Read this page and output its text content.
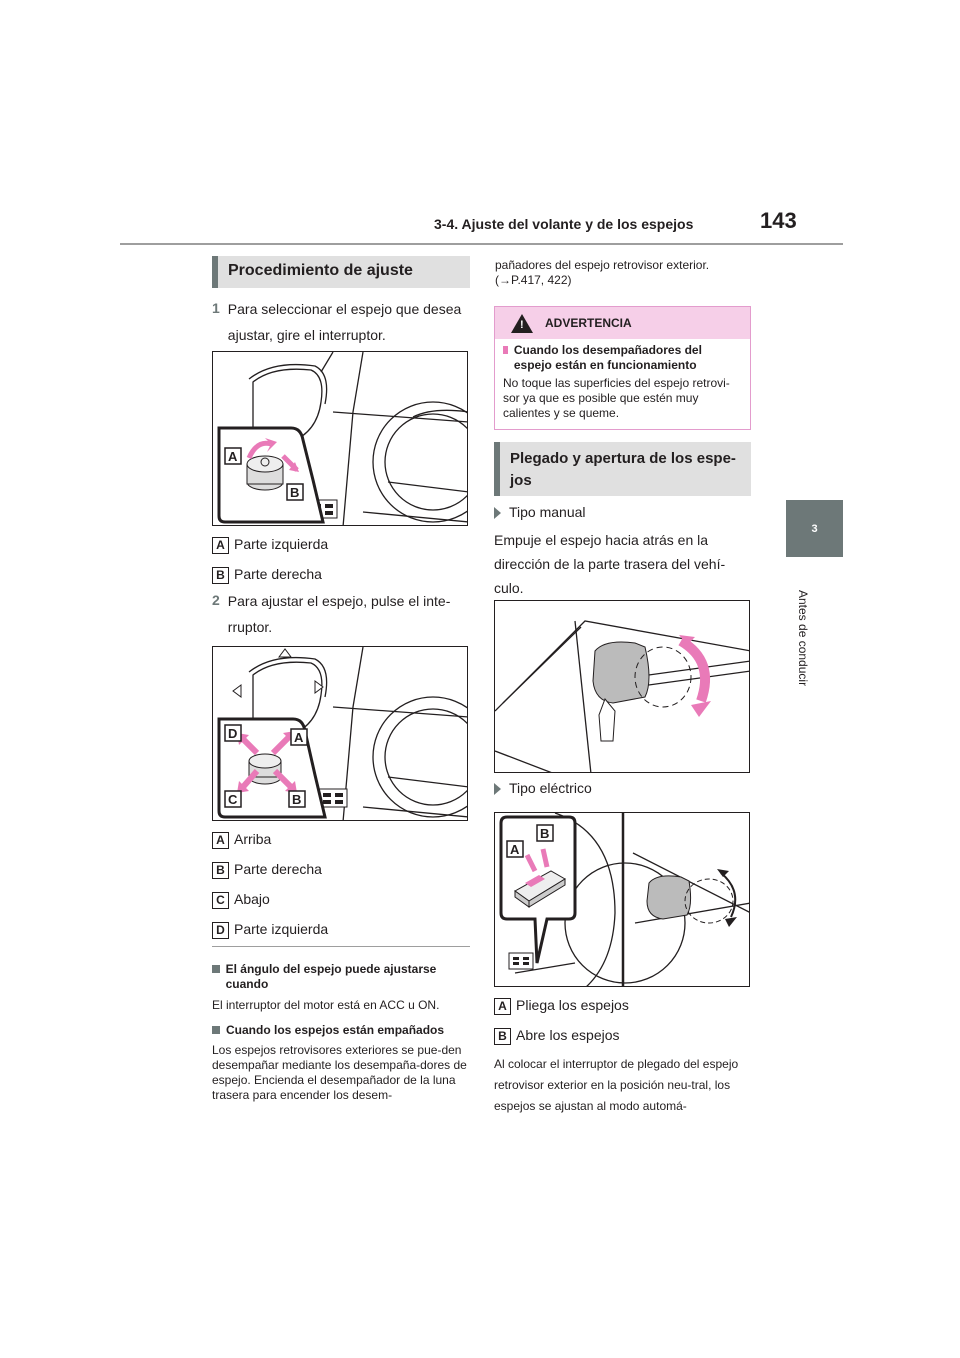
3-4. Ajuste del volante y de los espejos	143
3
Antes de conducir
Procedimiento de ajuste
1 Para seleccionar el espejo que desea ajustar, gire el interruptor.
A
B
A Parte izquierda
B Parte derecha
2 Para ajustar el espejo, pulse el inte-rruptor.
D	A
C	B
A Arriba
B Parte derecha
C Abajo
D Parte izquierda
El ángulo del espejo puede ajustarse cuando
El interruptor del motor está en ACC u ON.
Cuando los espejos están empañados
Los espejos retrovisores exteriores se pue-den desempañar mediante los desempaña-dores de espejo. Encienda el desempañador de la luna trasera para encender los desem-
pañadores del espejo retrovisor exterior. (→P.417, 422)
! ADVERTENCIA
Cuando los desempañadores del espejo están en funcionamiento
No toque las superficies del espejo retrovi-sor ya que es posible que estén muy calientes y se queme.
Plegado y apertura de los espe-jos
Tipo manual
Empuje el espejo hacia atrás en la dirección de la parte trasera del vehí-culo.
Tipo eléctrico
A
B
A Pliega los espejos
B Abre los espejos
Al colocar el interruptor de plegado del espejo retrovisor exterior en la posición neu-tral, los espejos se ajustan al modo automá-
